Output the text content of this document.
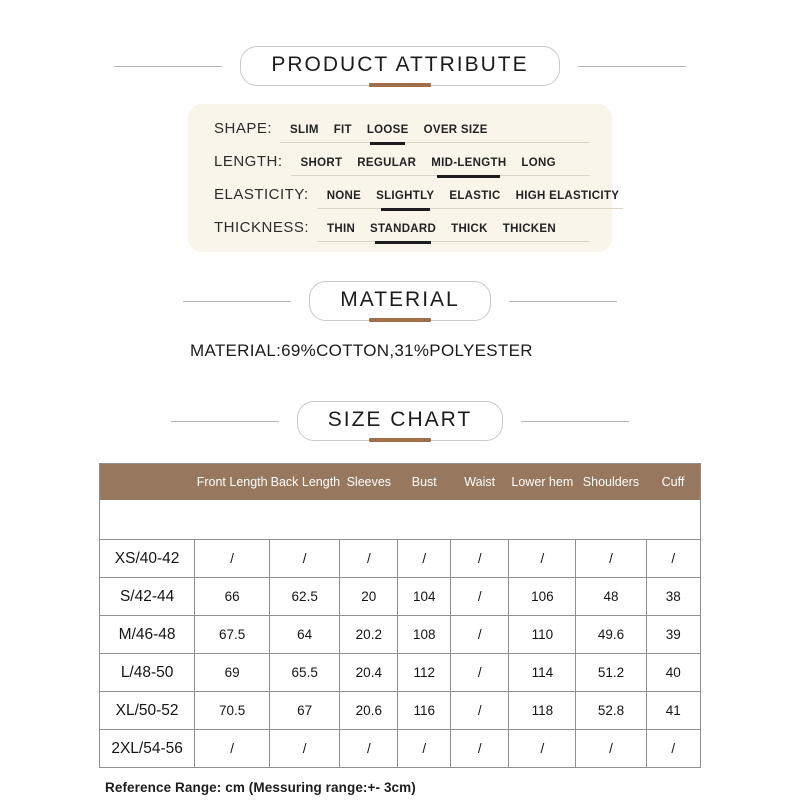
PRODUCT ATTRIBUTE
SHAPE: SLIM FIT LOOSE OVER SIZE
LENGTH: SHORT REGULAR MID-LENGTH LONG
ELASTICITY: NONE SLIGHTLY ELASTIC HIGH ELASTICITY
THICKNESS: THIN STANDARD THICK THICKEN
MATERIAL
MATERIAL:69%COTTON,31%POLYESTER
SIZE CHART
	Front Length	Back Length	Sleeves	Bust	Waist	Lower hem	Shoulders	Cuff

XS/40-42	/	/	/	/	/	/	/	/
S/42-44	66	62.5	20	104	/	106	48	38
M/46-48	67.5	64	20.2	108	/	110	49.6	39
L/48-50	69	65.5	20.4	112	/	114	51.2	40
XL/50-52	70.5	67	20.6	116	/	118	52.8	41
2XL/54-56	/	/	/	/	/	/	/	/
Reference Range: cm (Messuring range:+- 3cm)
